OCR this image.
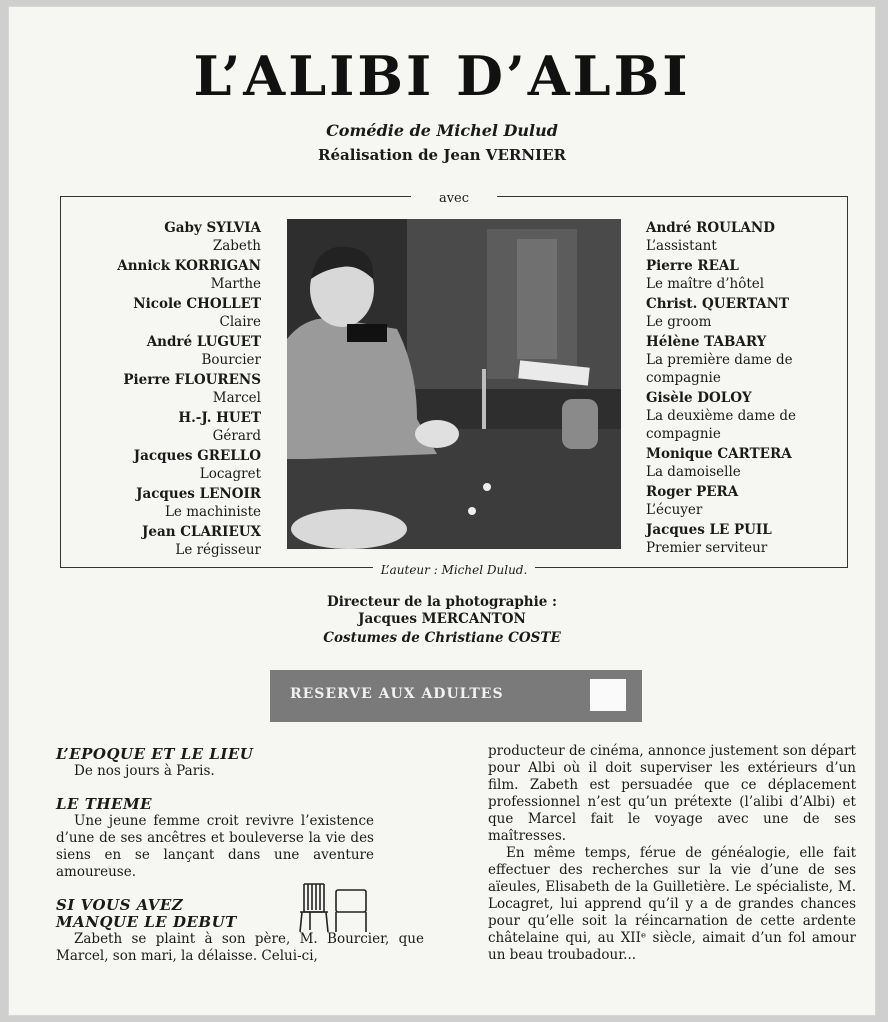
L’ALIBI D’ALBI
Comédie de Michel Dulud
Réalisation de Jean VERNIER
avec
Gaby SYLVIA
Zabeth
Annick KORRIGAN
Marthe
Nicole CHOLLET
Claire
André LUGUET
Bourcier
Pierre FLOURENS
Marcel
H.-J. HUET
Gérard
Jacques GRELLO
Locagret
Jacques LENOIR
Le machiniste
Jean CLARIEUX
Le régisseur
André ROULAND
L’assistant
Pierre REAL
Le maître d’hôtel
Christ. QUERTANT
Le groom
Hélène TABARY
La première dame de compagnie
Gisèle DOLOY
La deuxième dame de compagnie
Monique CARTERA
La damoiselle
Roger PERA
L’écuyer
Jacques LE PUIL
Premier serviteur
L’auteur : Michel Dulud.
Directeur de la photographie :
Jacques MERCANTON
Costumes de Christiane COSTE
RESERVE AUX ADULTES
L’EPOQUE ET LE LIEU
De nos jours à Paris.
LE THEME
Une jeune femme croit revivre l’existence d’une de ses ancêtres et bouleverse la vie des siens en se lançant dans une aventure amoureuse.
SI VOUS AVEZ
MANQUE LE DEBUT
Zabeth se plaint à son père, M. Bourcier, que Marcel, son mari, la délaisse. Celui-ci,
producteur de cinéma, annonce justement son départ pour Albi où il doit superviser les extérieurs d’un film. Zabeth est persuadée que ce déplacement professionnel n’est qu’un prétexte (l’alibi d’Albi) et que Marcel fait le voyage avec une de ses maîtresses.
En même temps, férue de généalogie, elle fait effectuer des recherches sur la vie d’une de ses aïeules, Elisabeth de la Guilletière. Le spécialiste, M. Locagret, lui apprend qu’il y a de grandes chances pour qu’elle soit la réincarnation de cette ardente châtelaine qui, au XIIᵉ siècle, aimait d’un fol amour un beau troubadour...
